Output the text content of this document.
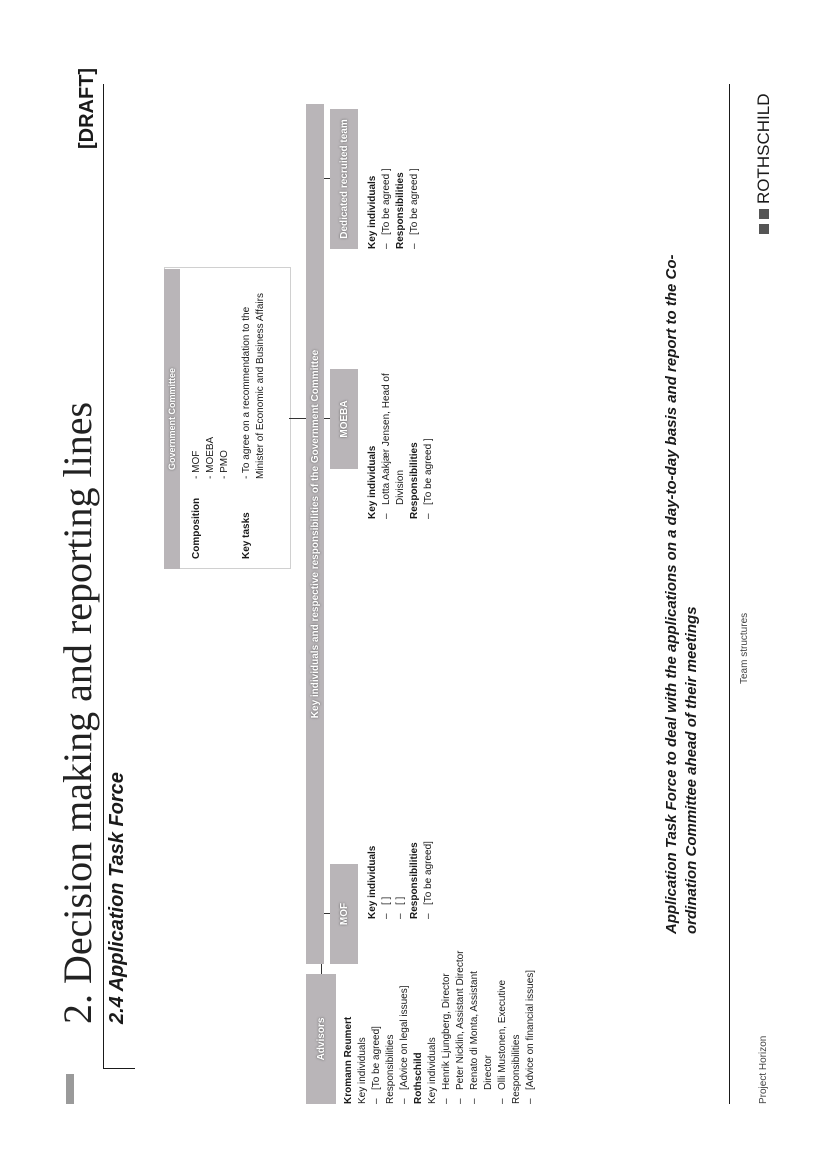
2. Decision making and reporting lines
[DRAFT]
2.4 Application Task Force
Government Committee
Composition
- MOF - MOEBA - PMO
Key tasks
- To agree on a recommendation to the Minister of Economic and Business Affairs	Key individuals and respective responsibilities of the Government Committee
Advisors
MOF
MOEBA
Dedicated recruited team
Kromann Reumert Key individuals – [To be agreed] Responsibilities – [Advice on legal issues] Rothschild Key individuals – Henrik Ljungberg, Director – Peter Nicklin, Assistant Director – Renato di Monta, Assistant Director – Olli Mustonen, Executive Responsibilities – [Advice on financial issues]
Key individuals – [ ] – [ ] Responsibilities – [To be agreed]
Key individuals – Lotta Aakjær Jensen, Head of Division Responsibilities – [To be agreed ]
Key individuals – [To be agreed ] Responsibilities – [To be agreed ]
Application Task Force to deal with the applications on a day-to-day basis and report to the Co-ordination Committee ahead of their meetings
Project Horizon
Team structures
ROTHSCHILD
